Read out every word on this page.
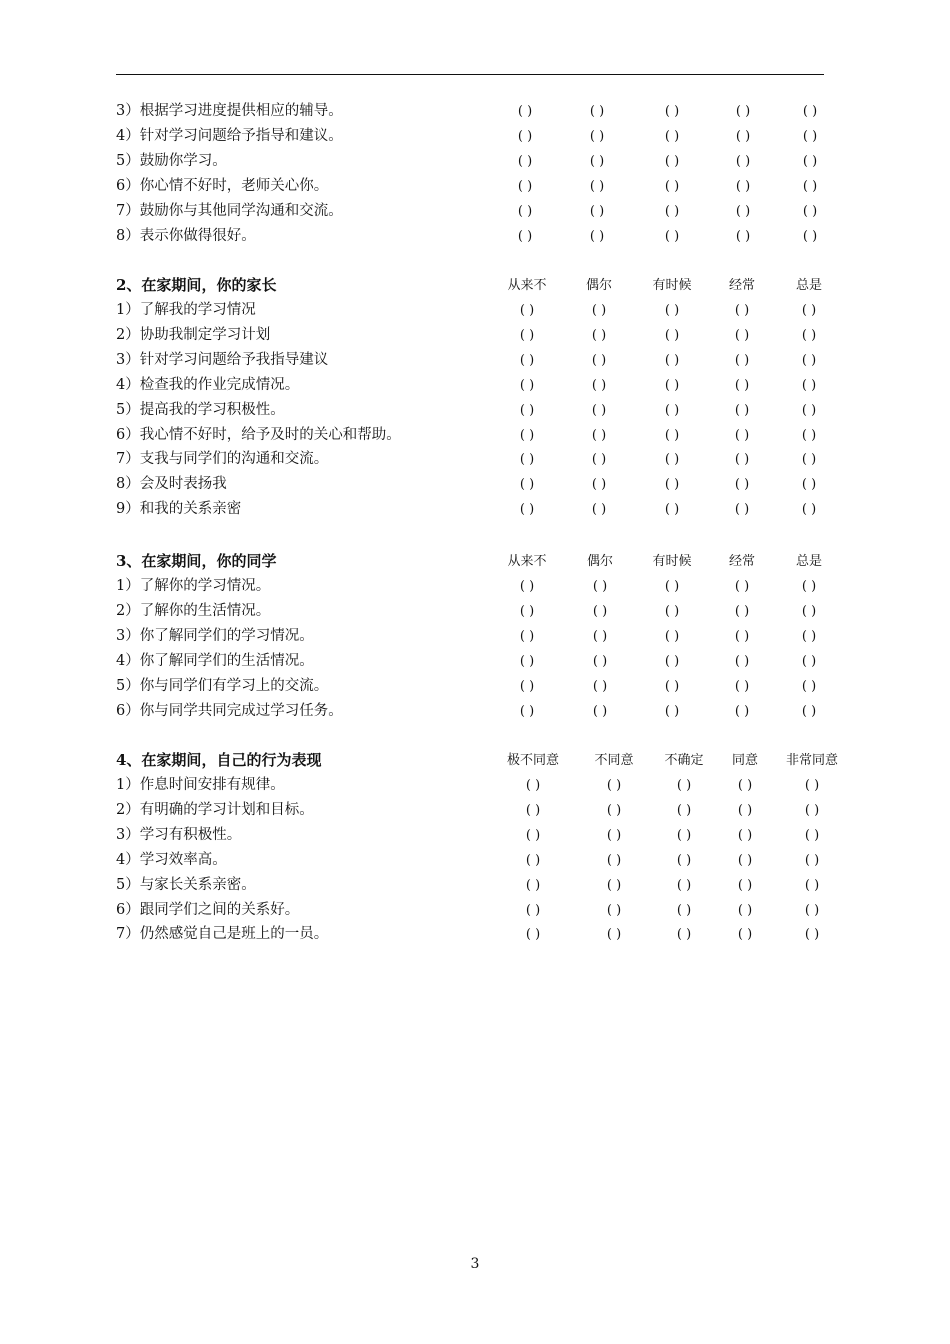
3）根据学习进度提供相应的辅导。	( )	( )	( )	( )	( )
4）针对学习问题给予指导和建议。	( )	( )	( )	( )	( )
5）鼓励你学习。	( )	( )	( )	( )	( )
6）你心情不好时，老师关心你。	( )	( )	( )	( )	( )
7）鼓励你与其他同学沟通和交流。	( )	( )	( )	( )	( )
8）表示你做得很好。	( )	( )	( )	( )	( )
2、在家期间，你的家长	从来不	偶尔	有时候	经常	总是
1）了解我的学习情况	( )	( )	( )	( )	( )
2）协助我制定学习计划	( )	( )	( )	( )	( )
3）针对学习问题给予我指导建议	( )	( )	( )	( )	( )
4）检查我的作业完成情况。	( )	( )	( )	( )	( )
5）提高我的学习积极性。	( )	( )	( )	( )	( )
6）我心情不好时，给予及时的关心和帮助。	( )	( )	( )	( )	( )
7）支我与同学们的沟通和交流。	( )	( )	( )	( )	( )
8）会及时表扬我	( )	( )	( )	( )	( )
9）和我的关系亲密	( )	( )	( )	( )	( )
3、在家期间，你的同学	从来不	偶尔	有时候	经常	总是
1）了解你的学习情况。	( )	( )	( )	( )	( )
2）了解你的生活情况。	( )	( )	( )	( )	( )
3）你了解同学们的学习情况。	( )	( )	( )	( )	( )
4）你了解同学们的生活情况。	( )	( )	( )	( )	( )
5）你与同学们有学习上的交流。	( )	( )	( )	( )	( )
6）你与同学共同完成过学习任务。	( )	( )	( )	( )	( )
4、在家期间，自己的行为表现	极不同意	不同意	不确定	同意	非常同意
1）作息时间安排有规律。	( )	( )	( )	( )	( )
2）有明确的学习计划和目标。	( )	( )	( )	( )	( )
3）学习有积极性。	( )	( )	( )	( )	( )
4）学习效率高。	( )	( )	( )	( )	( )
5）与家长关系亲密。	( )	( )	( )	( )	( )
6）跟同学们之间的关系好。	( )	( )	( )	( )	( )
7）仍然感觉自己是班上的一员。	( )	( )	( )	( )	( )
3
